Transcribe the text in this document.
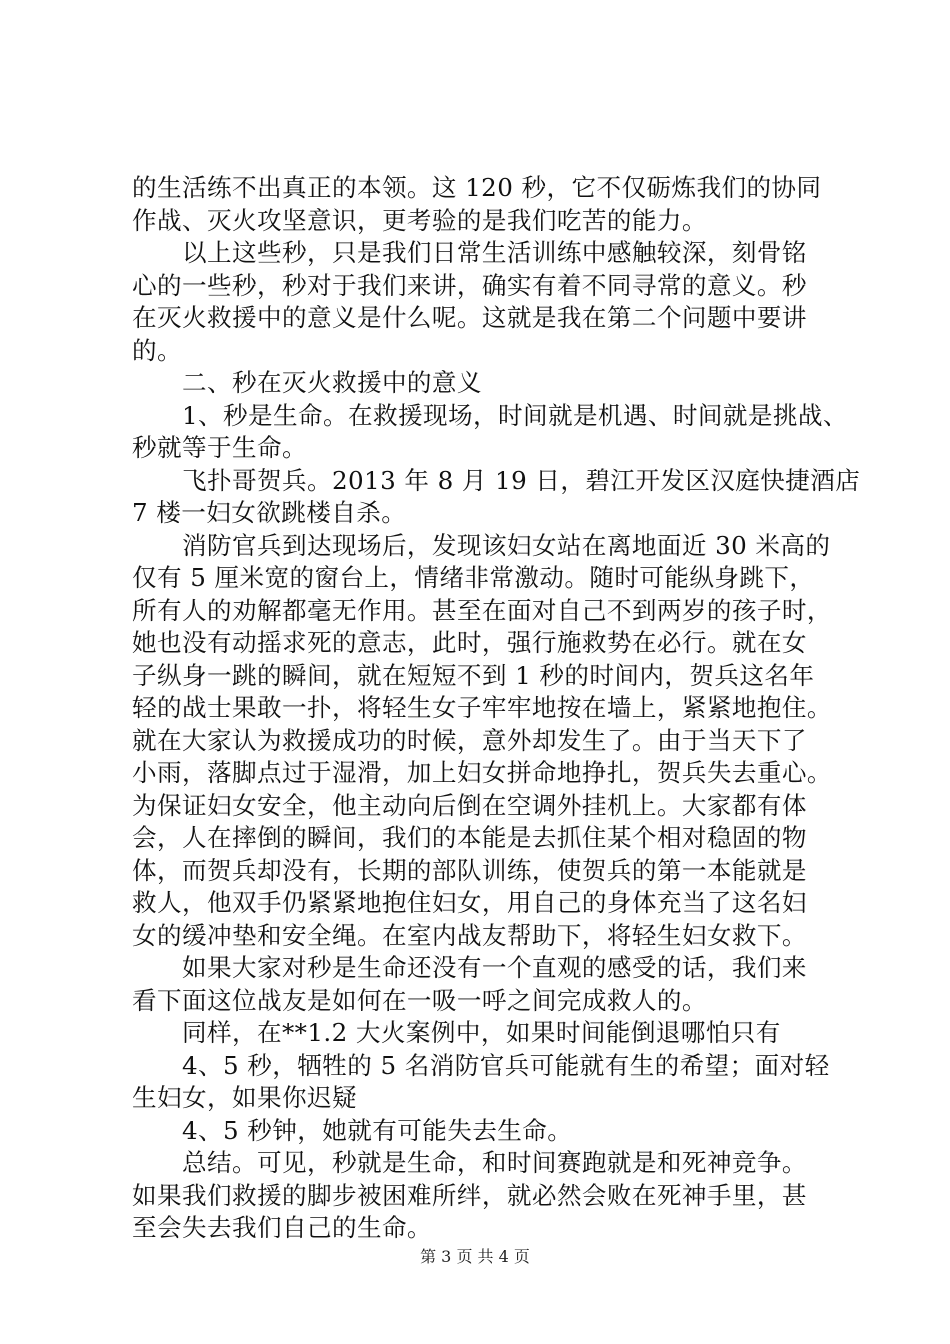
的生活练不出真正的本领。这 120 秒，它不仅砺炼我们的协同
作战、灭火攻坚意识，更考验的是我们吃苦的能力。
　　以上这些秒，只是我们日常生活训练中感触较深，刻骨铭
心的一些秒，秒对于我们来讲，确实有着不同寻常的意义。秒
在灭火救援中的意义是什么呢。这就是我在第二个问题中要讲
的。
　　二、秒在灭火救援中的意义
　　1、秒是生命。在救援现场，时间就是机遇、时间就是挑战、
秒就等于生命。
　　飞扑哥贺兵。2013 年 8 月 19 日，碧江开发区汉庭快捷酒店
7 楼一妇女欲跳楼自杀。
　　消防官兵到达现场后，发现该妇女站在离地面近 30 米高的
仅有 5 厘米宽的窗台上，情绪非常激动。随时可能纵身跳下，
所有人的劝解都毫无作用。甚至在面对自己不到两岁的孩子时，
她也没有动摇求死的意志，此时，强行施救势在必行。就在女
子纵身一跳的瞬间，就在短短不到 1 秒的时间内，贺兵这名年
轻的战士果敢一扑，将轻生女子牢牢地按在墙上，紧紧地抱住。
就在大家认为救援成功的时候，意外却发生了。由于当天下了
小雨，落脚点过于湿滑，加上妇女拼命地挣扎，贺兵失去重心。
为保证妇女安全，他主动向后倒在空调外挂机上。大家都有体
会，人在摔倒的瞬间，我们的本能是去抓住某个相对稳固的物
体，而贺兵却没有，长期的部队训练，使贺兵的第一本能就是
救人，他双手仍紧紧地抱住妇女，用自己的身体充当了这名妇
女的缓冲垫和安全绳。在室内战友帮助下，将轻生妇女救下。
　　如果大家对秒是生命还没有一个直观的感受的话，我们来
看下面这位战友是如何在一吸一呼之间完成救人的。
　　同样，在**1.2 大火案例中，如果时间能倒退哪怕只有
　　4、5 秒，牺牲的 5 名消防官兵可能就有生的希望；面对轻
生妇女，如果你迟疑
　　4、5 秒钟，她就有可能失去生命。
　　总结。可见，秒就是生命，和时间赛跑就是和死神竞争。
如果我们救援的脚步被困难所绊，就必然会败在死神手里，甚
至会失去我们自己的生命。
第 3 页 共 4 页
